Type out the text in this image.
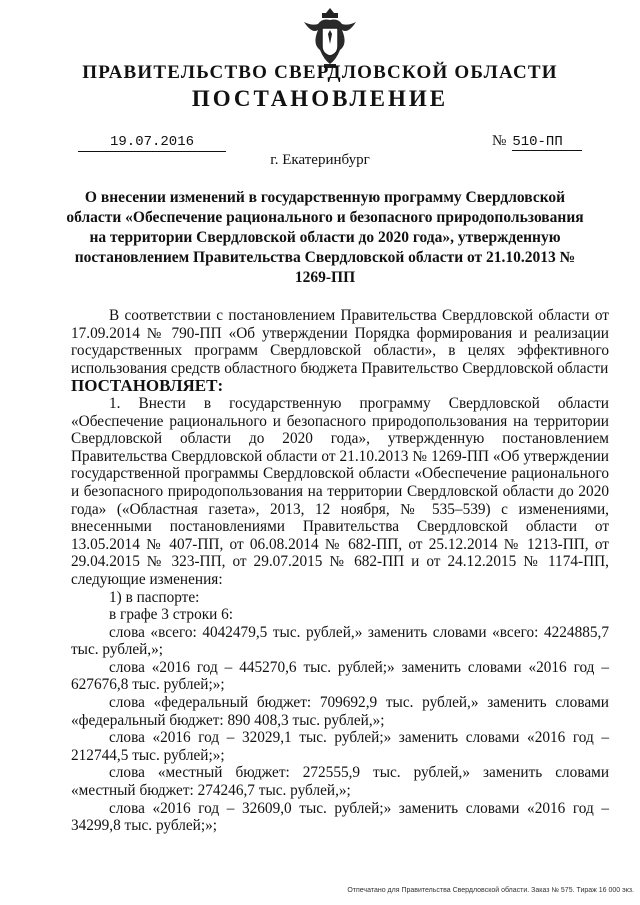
ПРАВИТЕЛЬСТВО СВЕРДЛОВСКОЙ ОБЛАСТИ
ПОСТАНОВЛЕНИЕ
19.07.2016	№ 510-ПП
г. Екатеринбург
О внесении изменений в государственную программу Свердловской области «Обеспечение рационального и безопасного природопользования на территории Свердловской области до 2020 года», утвержденную постановлением Правительства Свердловской области от 21.10.2013 № 1269-ПП

В соответствии с постановлением Правительства Свердловской области от 17.09.2014 № 790-ПП «Об утверждении Порядка формирования и реализации государственных программ Свердловской области», в целях эффективного использования средств областного бюджета Правительство Свердловской области

ПОСТАНОВЛЯЕТ:

1. Внести в государственную программу Свердловской области «Обеспечение рационального и безопасного природопользования на территории Свердловской области до 2020 года», утвержденную постановлением Правительства Свердловской области от 21.10.2013 № 1269-ПП «Об утверждении государственной программы Свердловской области «Обеспечение рационального и безопасного природопользования на территории Свердловской области до 2020 года» («Областная газета», 2013, 12 ноября, № 535–539) с изменениями, внесенными постановлениями Правительства Свердловской области от 13.05.2014 № 407-ПП, от 06.08.2014 № 682-ПП, от 25.12.2014 № 1213-ПП, от 29.04.2015 № 323-ПП, от 29.07.2015 № 682-ПП и от 24.12.2015 № 1174-ПП, следующие изменения:

1) в паспорте:

в графе 3 строки 6:

слова «всего: 4042479,5 тыс. рублей,» заменить словами «всего: 4224885,7 тыс. рублей,»;

слова «2016 год – 445270,6 тыс. рублей;» заменить словами «2016 год – 627676,8 тыс. рублей;»;

слова «федеральный бюджет: 709692,9 тыс. рублей,» заменить словами «федеральный бюджет: 890 408,3 тыс. рублей,»;

слова «2016 год – 32029,1 тыс. рублей;» заменить словами «2016 год – 212744,5 тыс. рублей;»;

слова «местный бюджет: 272555,9 тыс. рублей,» заменить словами «местный бюджет: 274246,7 тыс. рублей,»;

слова «2016 год – 32609,0 тыс. рублей;» заменить словами «2016 год – 34299,8 тыс. рублей;»;

Отпечатано для Правительства Свердловской области. Заказ № 575. Тираж 16 000 экз.
